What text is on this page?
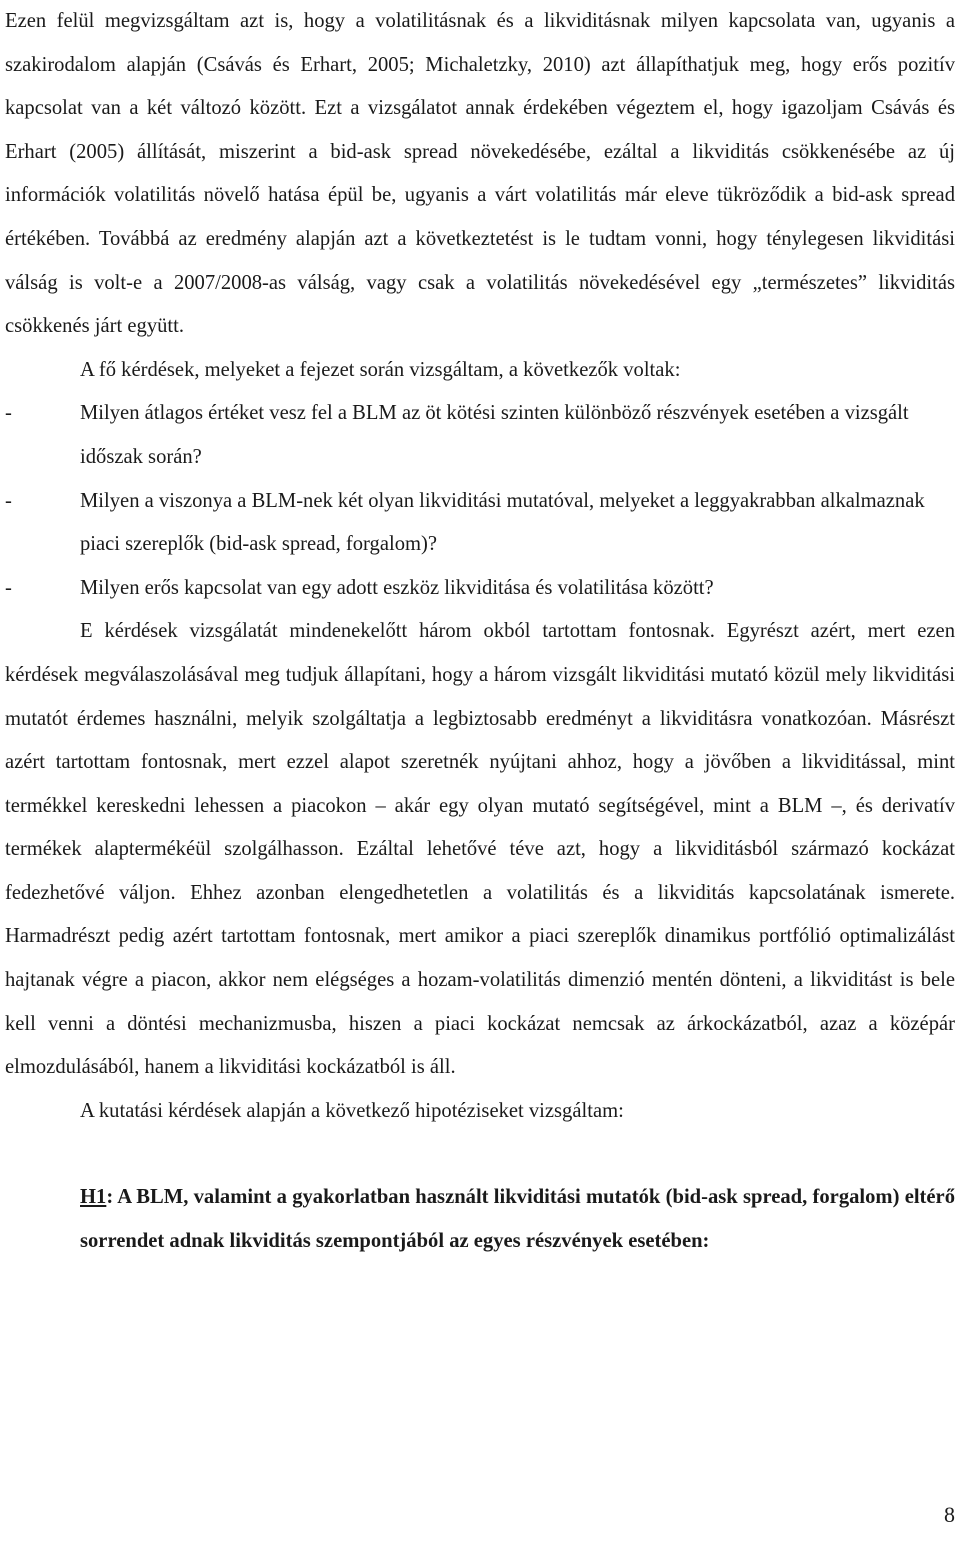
Ezen felül megvizsgáltam azt is, hogy a volatilitásnak és a likviditásnak milyen kapcsolata van, ugyanis a szakirodalom alapján (Csávás és Erhart, 2005; Michaletzky, 2010) azt állapíthatjuk meg, hogy erős pozitív kapcsolat van a két változó között. Ezt a vizsgálatot annak érdekében végeztem el, hogy igazoljam Csávás és Erhart (2005) állítását, miszerint a bid-ask spread növekedésébe, ezáltal a likviditás csökkenésébe az új információk volatilitás növelő hatása épül be, ugyanis a várt volatilitás már eleve tükröződik a bid-ask spread értékében. Továbbá az eredmény alapján azt a következtetést is le tudtam vonni, hogy ténylegesen likviditási válság is volt-e a 2007/2008-as válság, vagy csak a volatilitás növekedésével egy „természetes” likviditás csökkenés járt együtt.

A fő kérdések, melyeket a fejezet során vizsgáltam, a következők voltak:

-	Milyen átlagos értéket vesz fel a BLM az öt kötési szinten különböző részvények esetében a vizsgált időszak során?
-	Milyen a viszonya a BLM-nek két olyan likviditási mutatóval, melyeket a leggyakrabban alkalmaznak piaci szereplők (bid-ask spread, forgalom)?
-	Milyen erős kapcsolat van egy adott eszköz likviditása és volatilitása között?

E kérdések vizsgálatát mindenekelőtt három okból tartottam fontosnak. Egyrészt azért, mert ezen kérdések megválaszolásával meg tudjuk állapítani, hogy a három vizsgált likviditási mutató közül mely likviditási mutatót érdemes használni, melyik szolgáltatja a legbiztosabb eredményt a likviditásra vonatkozóan. Másrészt azért tartottam fontosnak, mert ezzel alapot szeretnék nyújtani ahhoz, hogy a jövőben a likviditással, mint termékkel kereskedni lehessen a piacokon – akár egy olyan mutató segítségével, mint a BLM –, és derivatív termékek alaptermékéül szolgálhasson. Ezáltal lehetővé téve azt, hogy a likviditásból származó kockázat fedezhetővé váljon. Ehhez azonban elengedhetetlen a volatilitás és a likviditás kapcsolatának ismerete. Harmadrészt pedig azért tartottam fontosnak, mert amikor a piaci szereplők dinamikus portfólió optimalizálást hajtanak végre a piacon, akkor nem elégséges a hozam-volatilitás dimenzió mentén dönteni, a likviditást is bele kell venni a döntési mechanizmusba, hiszen a piaci kockázat nemcsak az árkockázatból, azaz a középár elmozdulásából, hanem a likviditási kockázatból is áll.

A kutatási kérdések alapján a következő hipotéziseket vizsgáltam:

H1: A BLM, valamint a gyakorlatban használt likviditási mutatók (bid-ask spread, forgalom) eltérő sorrendet adnak likviditás szempontjából az egyes részvények esetében:

8
